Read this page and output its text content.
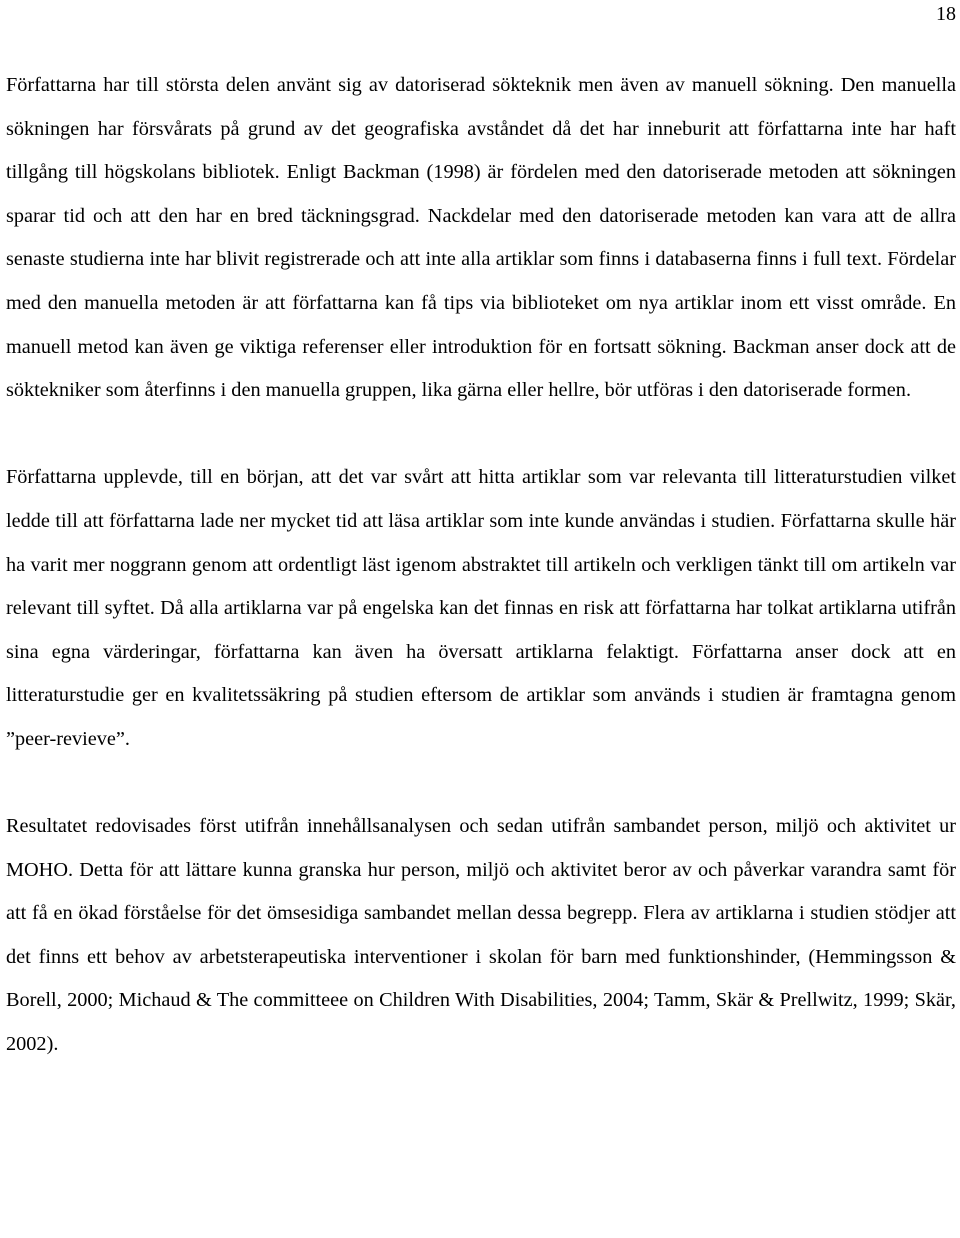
18

Författarna har till största delen använt sig av datoriserad sökteknik men även av manuell sökning. Den manuella sökningen har försvårats på grund av det geografiska avståndet då det har inneburit att författarna inte har haft tillgång till högskolans bibliotek. Enligt Backman (1998) är fördelen med den datoriserade metoden att sökningen sparar tid och att den har en bred täckningsgrad. Nackdelar med den datoriserade metoden kan vara att de allra senaste studierna inte har blivit registrerade och att inte alla artiklar som finns i databaserna finns i full text. Fördelar med den manuella metoden är att författarna kan få tips via biblioteket om nya artiklar inom ett visst område. En manuell metod kan även ge viktiga referenser eller introduktion för en fortsatt sökning. Backman anser dock att de söktekniker som återfinns i den manuella gruppen, lika gärna eller hellre, bör utföras i den datoriserade formen.

Författarna upplevde, till en början, att det var svårt att hitta artiklar som var relevanta till litteraturstudien vilket ledde till att författarna lade ner mycket tid att läsa artiklar som inte kunde användas i studien. Författarna skulle här ha varit mer noggrann genom att ordentligt läst igenom abstraktet till artikeln och verkligen tänkt till om artikeln var relevant till syftet. Då alla artiklarna var på engelska kan det finnas en risk att författarna har tolkat artiklarna utifrån sina egna värderingar, författarna kan även ha översatt artiklarna felaktigt. Författarna anser dock att en litteraturstudie ger en kvalitetssäkring på studien eftersom de artiklar som används i studien är framtagna genom ”peer-revieve”.

Resultatet redovisades först utifrån innehållsanalysen och sedan utifrån sambandet person, miljö och aktivitet ur MOHO. Detta för att lättare kunna granska hur person, miljö och aktivitet beror av och påverkar varandra samt för att få en ökad förståelse för det ömsesidiga sambandet mellan dessa begrepp. Flera av artiklarna i studien stödjer att det finns ett behov av arbetsterapeutiska interventioner i skolan för barn med funktionshinder, (Hemmingsson & Borell, 2000; Michaud & The committeee on Children With Disabilities, 2004; Tamm, Skär & Prellwitz, 1999; Skär, 2002).
